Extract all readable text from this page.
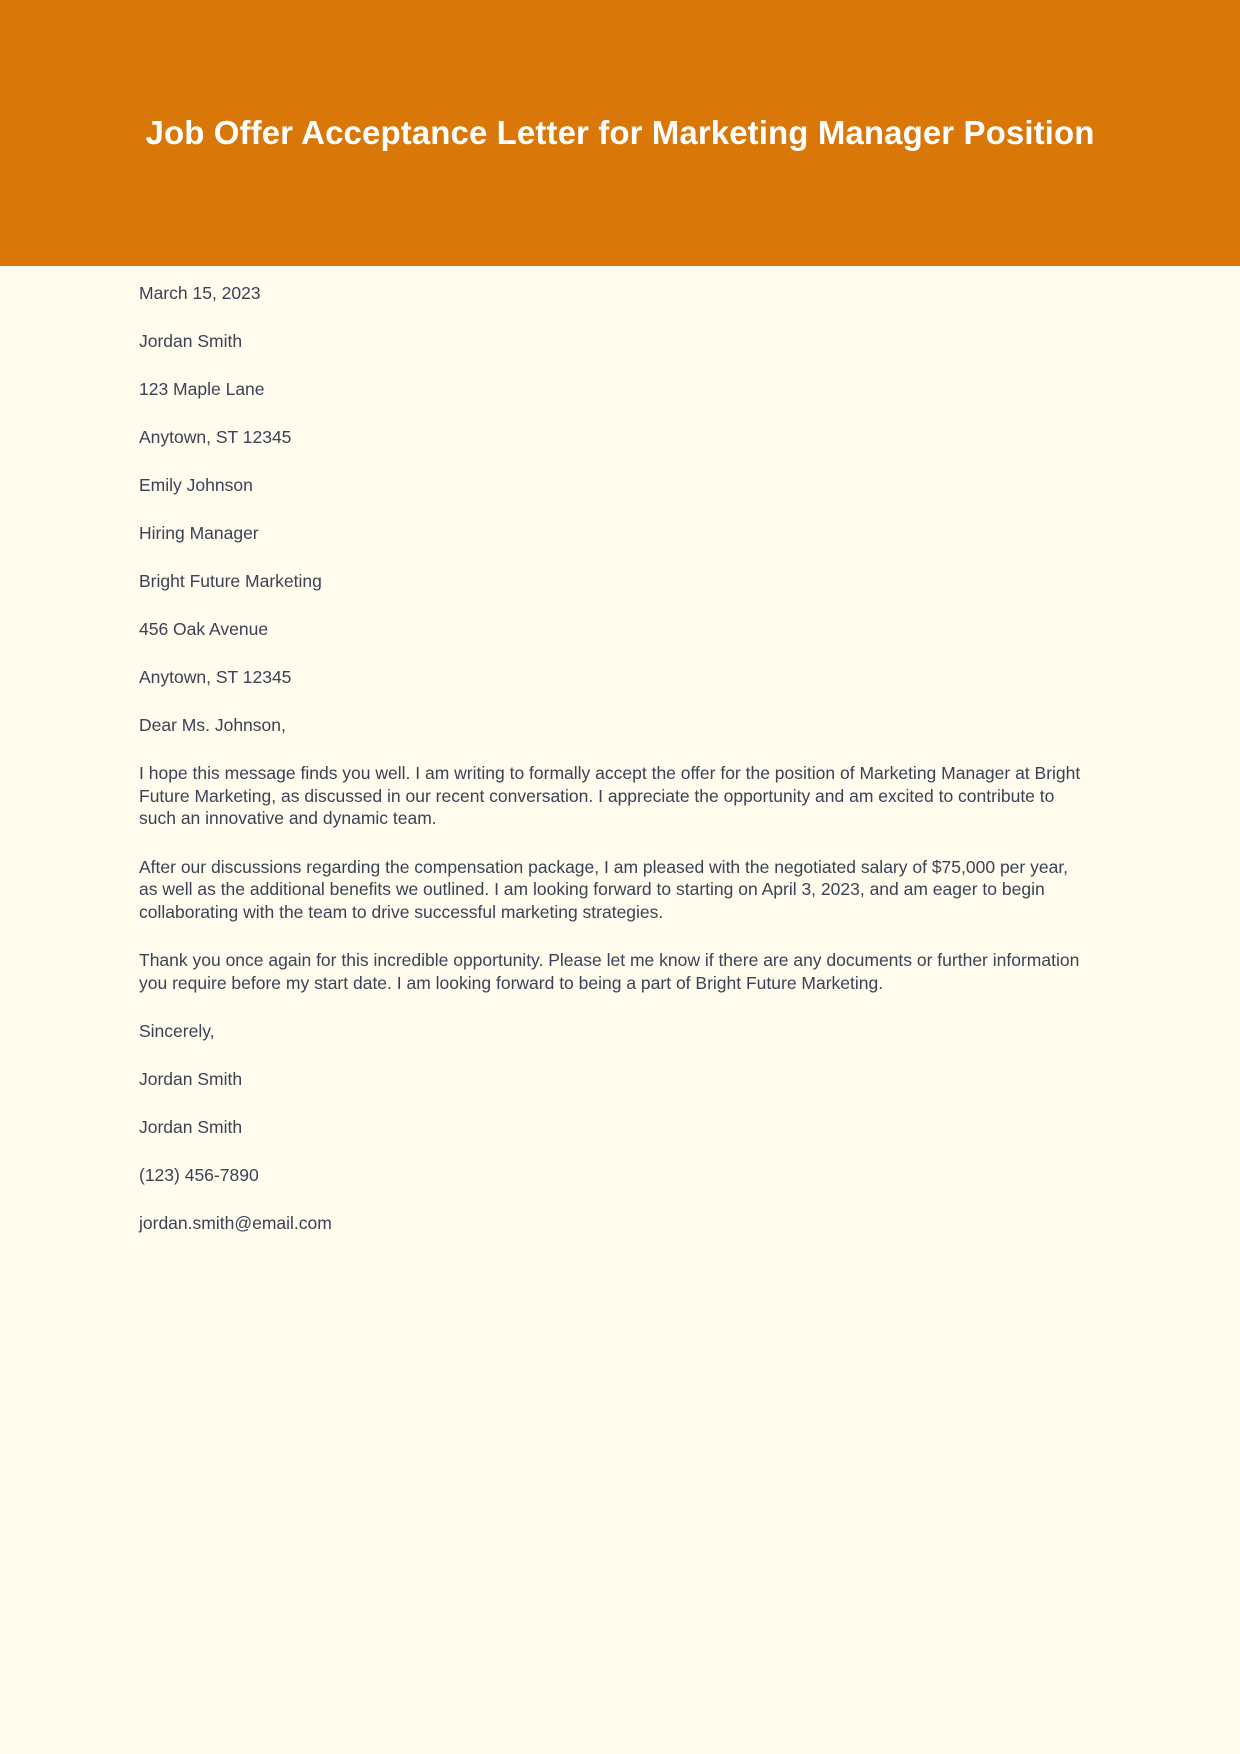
Job Offer Acceptance Letter for Marketing Manager Position

March 15, 2023

Jordan Smith

123 Maple Lane

Anytown, ST 12345

Emily Johnson

Hiring Manager

Bright Future Marketing

456 Oak Avenue

Anytown, ST 12345

Dear Ms. Johnson,

I hope this message finds you well. I am writing to formally accept the offer for the position of Marketing Manager at Bright Future Marketing, as discussed in our recent conversation. I appreciate the opportunity and am excited to contribute to such an innovative and dynamic team.

After our discussions regarding the compensation package, I am pleased with the negotiated salary of $75,000 per year, as well as the additional benefits we outlined. I am looking forward to starting on April 3, 2023, and am eager to begin collaborating with the team to drive successful marketing strategies.

Thank you once again for this incredible opportunity. Please let me know if there are any documents or further information you require before my start date. I am looking forward to being a part of Bright Future Marketing.

Sincerely,

Jordan Smith

Jordan Smith

(123) 456-7890

jordan.smith@email.com
